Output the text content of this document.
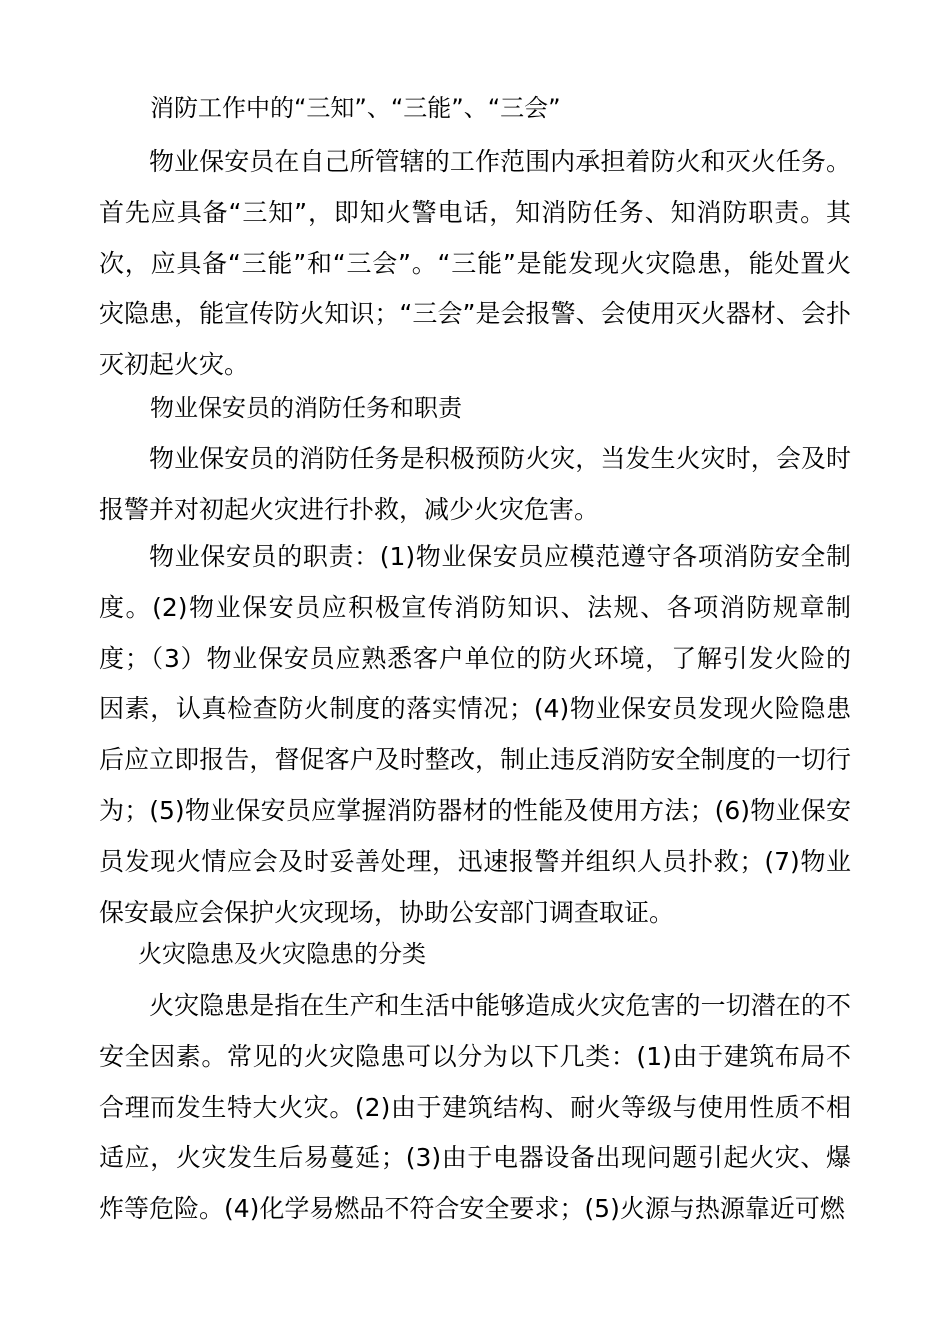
消防工作中的“三知”、“三能”、“三会”
物业保安员在自己所管辖的工作范围内承担着防火和灭火任务。首先应具备“三知”，即知火警电话，知消防任务、知消防职责。其次，应具备“三能”和“三会”。“三能”是能发现火灾隐患，能处置火灾隐患，能宣传防火知识；“三会”是会报警、会使用灭火器材、会扑灭初起火灾。
物业保安员的消防任务和职责
物业保安员的消防任务是积极预防火灾，当发生火灾时，会及时报警并对初起火灾进行扑救，减少火灾危害。
物业保安员的职责：(1)物业保安员应模范遵守各项消防安全制度。(2)物业保安员应积极宣传消防知识、法规、各项消防规章制度；（3）物业保安员应熟悉客户单位的防火环境，了解引发火险的因素，认真检查防火制度的落实情况；(4)物业保安员发现火险隐患后应立即报告，督促客户及时整改，制止违反消防安全制度的一切行为；(5)物业保安员应掌握消防器材的性能及使用方法；(6)物业保安员发现火情应会及时妥善处理，迅速报警并组织人员扑救；(7)物业保安最应会保护火灾现场，协助公安部门调查取证。
火灾隐患及火灾隐患的分类
火灾隐患是指在生产和生活中能够造成火灾危害的一切潜在的不安全因素。常见的火灾隐患可以分为以下几类：(1)由于建筑布局不合理而发生特大火灾。(2)由于建筑结构、耐火等级与使用性质不相适应，火灾发生后易蔓延；(3)由于电器设备出现问题引起火灾、爆炸等危险。(4)化学易燃品不符合安全要求；(5)火源与热源靠近可燃
